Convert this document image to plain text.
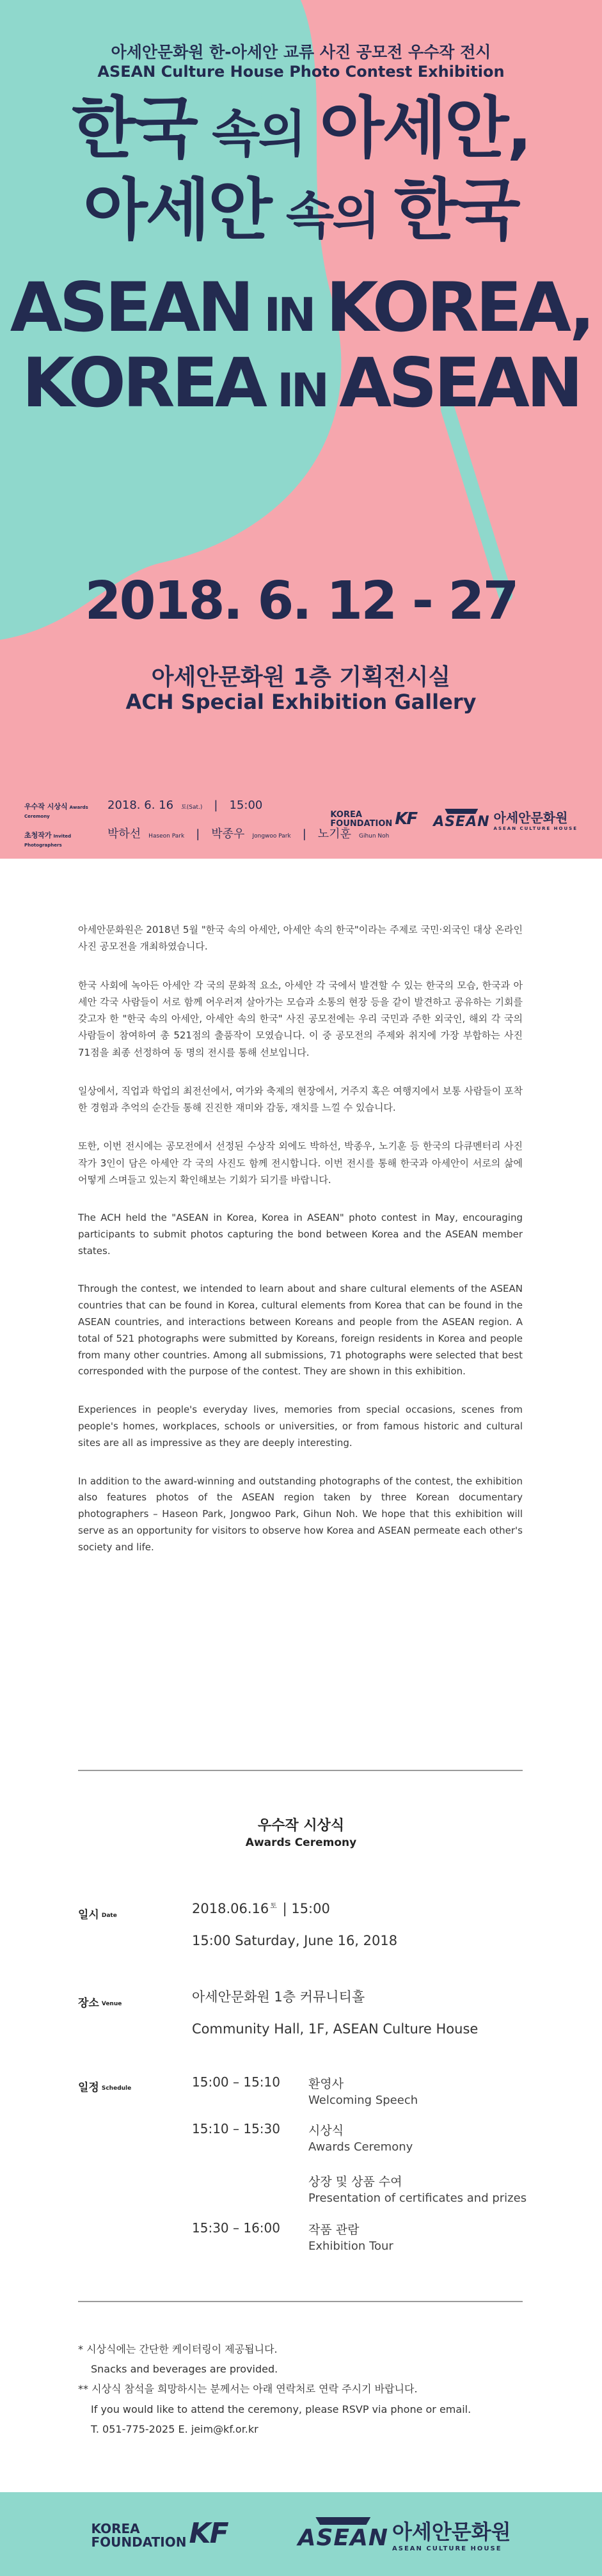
아세안문화원 한-아세안 교류 사진 공모전 우수작 전시
ASEAN Culture House Photo Contest Exhibition
한국 속의 아세안,
아세안 속의 한국
ASEAN IN KOREA,
KOREA IN ASEAN
2018. 6. 12 - 27
아세안문화원 1층 기획전시실
ACH Special Exhibition Gallery
우수작 시상식 Awards Ceremony
2018. 6. 16 토(Sat.) | 15:00
초청작가 Invited Photographers
박하선 Haseon Park | 박종우 Jongwoo Park | 노기훈 Gihun Noh
KOREA
FOUNDATION KF ASEAN 아세안문화원
ASEAN CULTURE HOUSE

아세안문화원은 2018년 5월 "한국 속의 아세안, 아세안 속의 한국"이라는 주제로 국민·외국인 대상 온라인 사진 공모전을 개최하였습니다.

한국 사회에 녹아든 아세안 각 국의 문화적 요소, 아세안 각 국에서 발견할 수 있는 한국의 모습, 한국과 아세안 각국 사람들이 서로 함께 어우러져 살아가는 모습과 소통의 현장 등을 같이 발견하고 공유하는 기회를 갖고자 한 "한국 속의 아세안, 아세안 속의 한국" 사진 공모전에는 우리 국민과 주한 외국인, 해외 각 국의 사람들이 참여하여 총 521점의 출품작이 모였습니다. 이 중 공모전의 주제와 취지에 가장 부합하는 사진 71점을 최종 선정하여 동 명의 전시를 통해 선보입니다.

일상에서, 직업과 학업의 최전선에서, 여가와 축제의 현장에서, 거주지 혹은 여행지에서 보통 사람들이 포착한 경험과 추억의 순간들 통해 진진한 재미와 감동, 재치를 느낄 수 있습니다.

또한, 이번 전시에는 공모전에서 선정된 수상작 외에도 박하선, 박종우, 노기훈 등 한국의 다큐멘터리 사진 작가 3인이 담은 아세안 각 국의 사진도 함께 전시합니다. 이번 전시를 통해 한국과 아세안이 서로의 삶에 어떻게 스며들고 있는지 확인해보는 기회가 되기를 바랍니다.

The ACH held the "ASEAN in Korea, Korea in ASEAN" photo contest in May, encouraging participants to submit photos capturing the bond between Korea and the ASEAN member states.

Through the contest, we intended to learn about and share cultural elements of the ASEAN countries that can be found in Korea, cultural elements from Korea that can be found in the ASEAN countries, and interactions between Koreans and people from the ASEAN region. A total of 521 photographs were submitted by Koreans, foreign residents in Korea and people from many other countries. Among all submissions, 71 photographs were selected that best corresponded with the purpose of the contest. They are shown in this exhibition.

Experiences in people's everyday lives, memories from special occasions, scenes from people's homes, workplaces, schools or universities, or from famous historic and cultural sites are all as impressive as they are deeply interesting.

In addition to the award-winning and outstanding photographs of the contest, the exhibition also features photos of the ASEAN region taken by three Korean documentary photographers – Haseon Park, Jongwoo Park, Gihun Noh. We hope that this exhibition will serve as an opportunity for visitors to observe how Korea and ASEAN permeate each other's society and life.

우수작 시상식
Awards Ceremony
일시 Date	2018.06.16 $^토$ | 15:00
15:00 Saturday, June 16, 2018
장소 Venue	아세안문화원 1층 커뮤니티홀
Community Hall, 1F, ASEAN Culture House
일정 Schedule	15:00 – 15:10 환영사
Welcoming Speech
15:10 – 15:30 시상식
Awards Ceremony
상장 및 상품 수여
Presentation of certificates and prizes
15:30 – 16:00 작품 관람
Exhibition Tour
* 시상식에는 간단한 케이터링이 제공됩니다.
Snacks and beverages are provided.
** 시상식 참석을 희망하시는 분께서는 아래 연락처로 연락 주시기 바랍니다.
If you would like to attend the ceremony, please RSVP via phone or email.
T. 051-775-2025 E. jeim@kf.or.kr
KOREA
FOUNDATION KF	ASEAN 아세안문화원
ASEAN CULTURE HOUSE
